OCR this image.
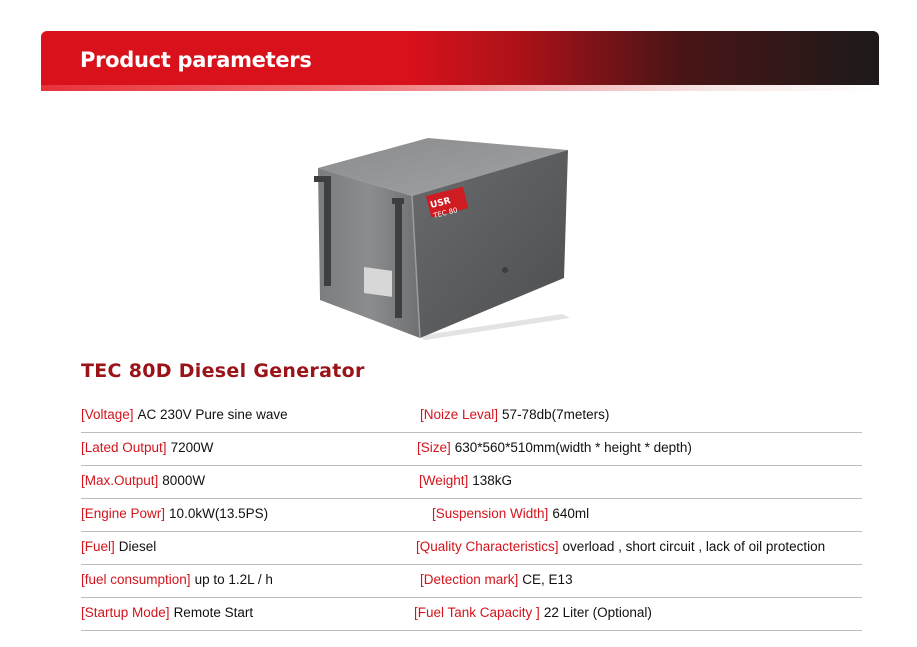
Product parameters
USR
TEC 80
TEC 80D Diesel Generator
[Voltage] AC 230V Pure sine wave	[Noize Leval] 57-78db(7meters)
[Lated Output] 7200W	[Size] 630*560*510mm(width * height * depth)
[Max.Output] 8000W	[Weight] 138kG
[Engine Powr] 10.0kW(13.5PS)	[Suspension Width] 640ml
[Fuel] Diesel	[Quality Characteristics] overload , short circuit , lack of oil protection
[fuel consumption] up to 1.2L / h	[Detection mark] CE, E13
[Startup Mode] Remote Start	[Fuel Tank Capacity ] 22 Liter (Optional)
